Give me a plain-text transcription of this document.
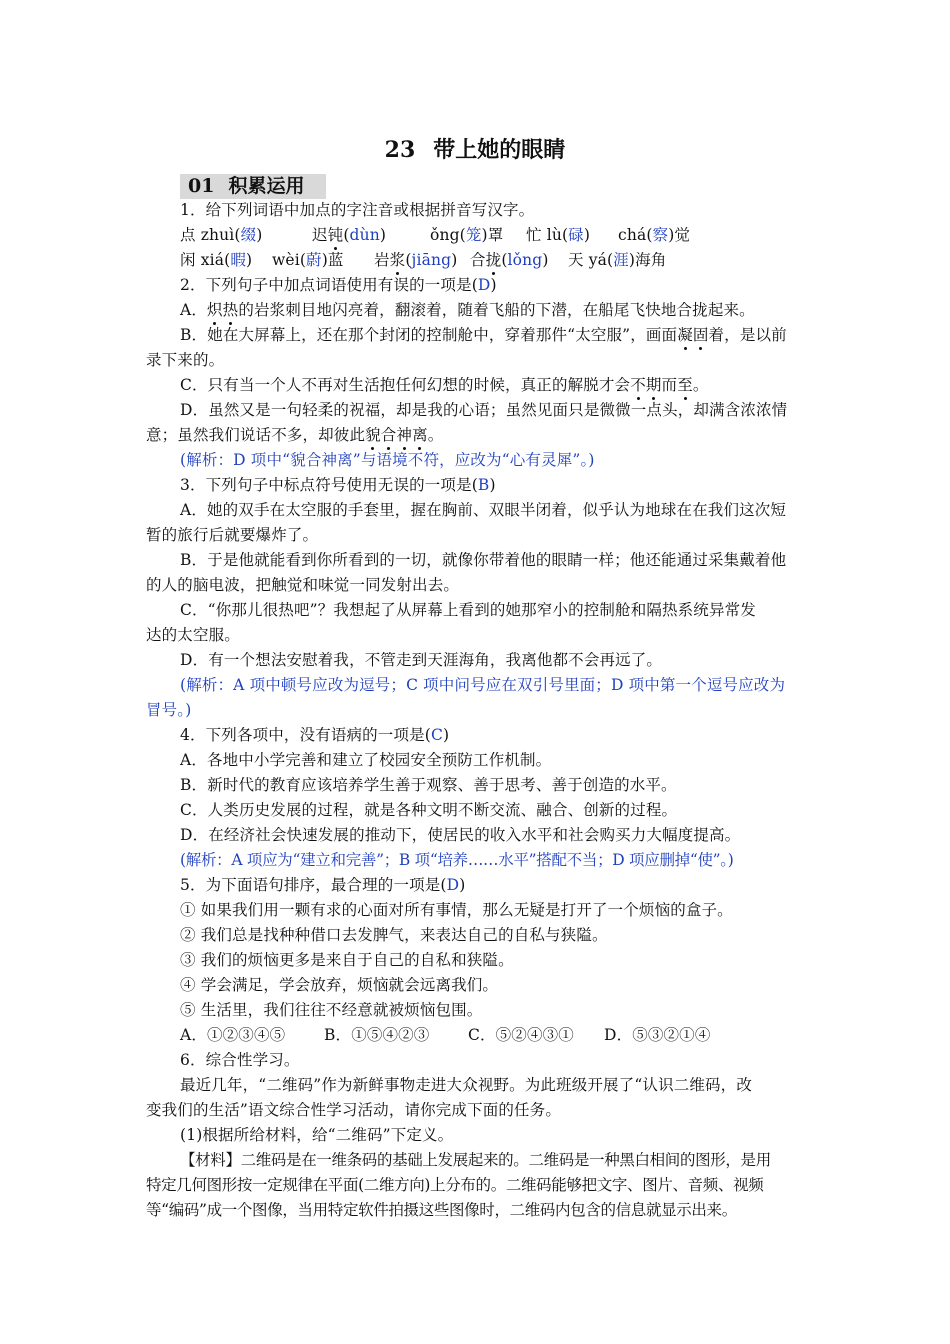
23 带上她的眼睛
01 积累运用
1．给下列词语中加点的字注音或根据拼音写汉字。
点 zhuì(缀)	迟钝(dùn)	ǒng(笼)罩 忙 lù(碌) chá(察)觉
闲 xiá(暇) wèi(蔚)蓝 岩浆(jiāng) 合拢(lǒng) 天 yá(涯)海角
2．下列句子中加点词语使用有误的一项是(D)
A．炽热的岩浆刺目地闪亮着，翻滚着，随着飞船的下潜，在船尾飞快地合拢起来。
B．她在大屏幕上，还在那个封闭的控制舱中，穿着那件“太空服”，画面凝固着，是以前
录下来的。
C．只有当一个人不再对生活抱任何幻想的时候，真正的解脱才会不期而至。
D．虽然又是一句轻柔的祝福，却是我的心语；虽然见面只是微微一点头，却满含浓浓情
意；虽然我们说话不多，却彼此貌合神离。
(解析：D 项中“貌合神离”与语境不符，应改为“心有灵犀”。)
3．下列句子中标点符号使用无误的一项是(B)
A．她的双手在太空服的手套里，握在胸前、双眼半闭着，似乎认为地球在在我们这次短
暂的旅行后就要爆炸了。
B．于是他就能看到你所看到的一切，就像你带着他的眼睛一样；他还能通过采集戴着他
的人的脑电波，把触觉和味觉一同发射出去。
C．“你那儿很热吧”？我想起了从屏幕上看到的她那窄小的控制舱和隔热系统异常发
达的太空服。
D．有一个想法安慰着我，不管走到天涯海角，我离他都不会再远了。
(解析：A 项中顿号应改为逗号；C 项中问号应在双引号里面；D 项中第一个逗号应改为
冒号。)
4．下列各项中，没有语病的一项是(C)
A．各地中小学完善和建立了校园安全预防工作机制。
B．新时代的教育应该培养学生善于观察、善于思考、善于创造的水平。
C．人类历史发展的过程，就是各种文明不断交流、融合、创新的过程。
D．在经济社会快速发展的推动下，使居民的收入水平和社会购买力大幅度提高。
(解析：A 项应为“建立和完善”；B 项“培养……水平”搭配不当；D 项应删掉“使”。)
5．为下面语句排序，最合理的一项是(D)
① 如果我们用一颗有求的心面对所有事情，那么无疑是打开了一个烦恼的盒子。
② 我们总是找种种借口去发脾气，来表达自己的自私与狭隘。
③ 我们的烦恼更多是来自于自己的自私和狭隘。
④ 学会满足，学会放弃，烦恼就会远离我们。
⑤ 生活里，我们往往不经意就被烦恼包围。
A．①②③④⑤	B．①⑤④②③ C．⑤②④③① D．⑤③②①④
6．综合性学习。
最近几年，“二维码”作为新鲜事物走进大众视野。为此班级开展了“认识二维码，改
变我们的生活”语文综合性学习活动，请你完成下面的任务。
(1)根据所给材料，给“二维码”下定义。
【材料】二维码是在一维条码的基础上发展起来的。二维码是一种黑白相间的图形，是用
特定几何图形按一定规律在平面(二维方向)上分布的。二维码能够把文字、图片、音频、视频
等“编码”成一个图像，当用特定软件拍摄这些图像时，二维码内包含的信息就显示出来。
